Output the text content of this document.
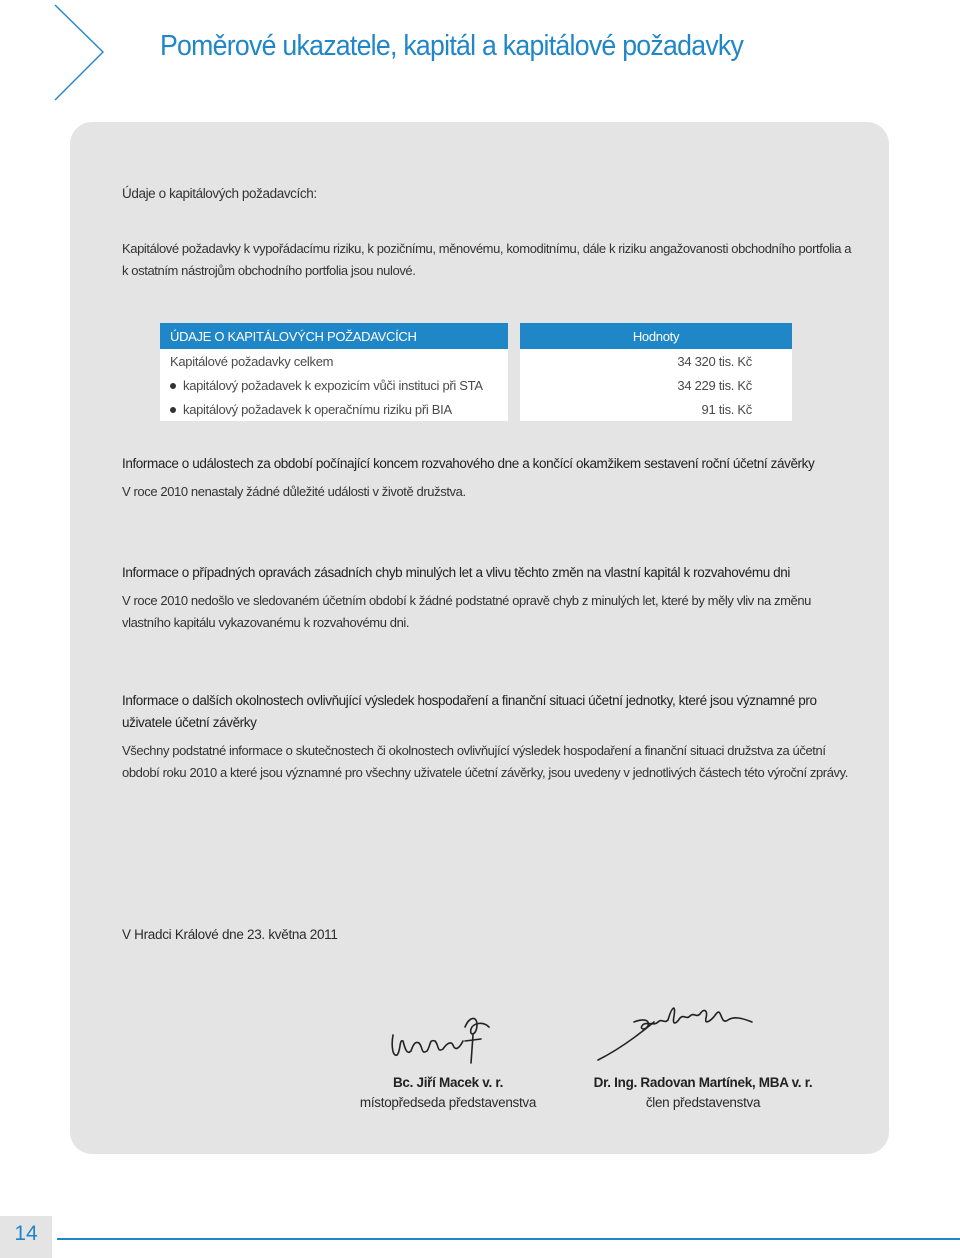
Poměrové ukazatele, kapitál a kapitálové požadavky

Údaje o kapitálových požadavcích:

Kapitálové požadavky k vypořádacímu riziku, k pozičnímu, měnovému, komoditnímu, dále k riziku angažovanosti obchodního portfolia a k ostatním nástrojům obchodního portfolia jsou nulové.

ÚDAJE O KAPITÁLOVÝCH POŽADAVCÍCH		Hodnoty
Kapitálové požadavky celkem		34 320 tis. Kč
kapitálový požadavek k expozicím vůči instituci při STA		34 229 tis. Kč
kapitálový požadavek k operačnímu riziku při BIA		91 tis. Kč

Informace o událostech za období počínající koncem rozvahového dne a končící okamžikem sestavení roční účetní závěrky

V roce 2010 nenastaly žádné důležité události v životě družstva.

Informace o případných opravách zásadních chyb minulých let a vlivu těchto změn na vlastní kapitál k rozvahovému dni

V roce 2010 nedošlo ve sledovaném účetním období k žádné podstatné opravě chyb z minulých let, které by měly vliv na změnu vlastního kapitálu vykazovanému k rozvahovému dni.

Informace o dalších okolnostech ovlivňující výsledek hospodaření a finanční situaci účetní jednotky, které jsou významné pro uživatele účetní závěrky

Všechny podstatné informace o skutečnostech či okolnostech ovlivňující výsledek hospodaření a finanční situaci družstva za účetní období roku 2010 a které jsou významné pro všechny uživatele účetní závěrky, jsou uvedeny v jednotlivých částech této výroční zprávy.

V Hradci Králové dne 23. května 2011

Bc. Jiří Macek v. r.
místopředseda představenstva
Dr. Ing. Radovan Martínek, MBA v. r.
člen představenstva

14
